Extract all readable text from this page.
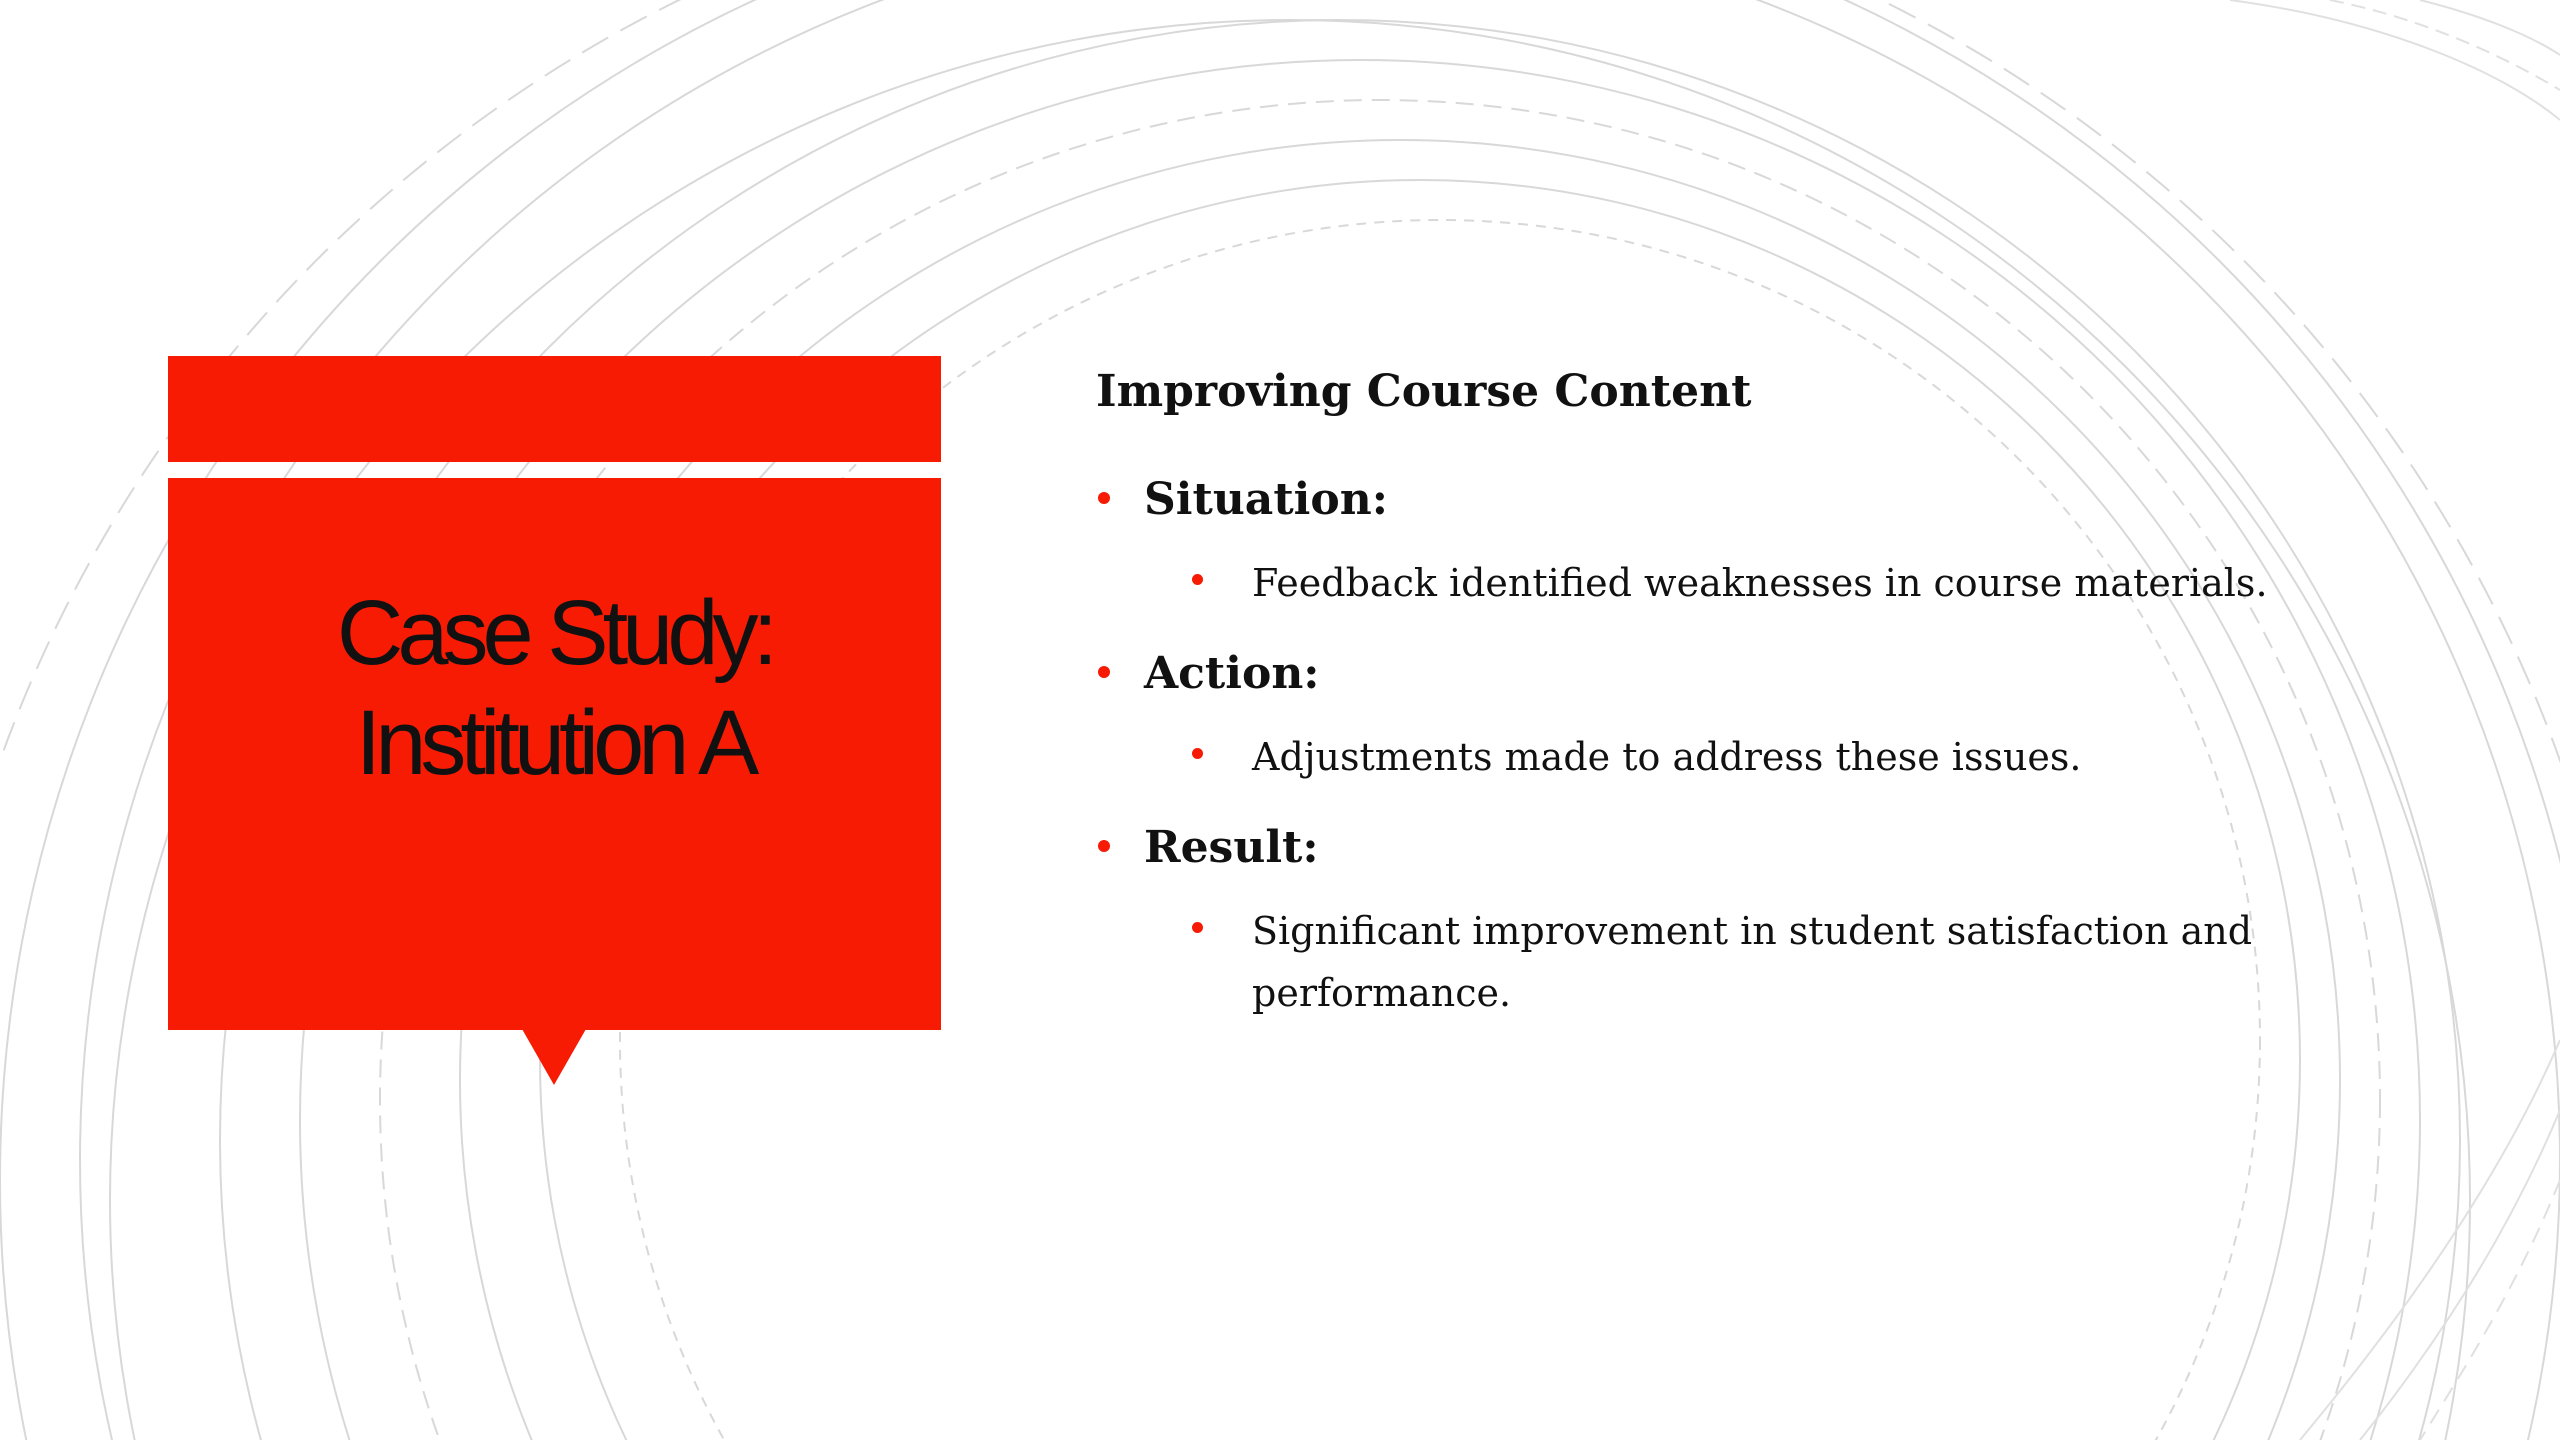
Case Study:
Institution A
Improving Course Content
Situation:
Feedback identified weaknesses in course materials.
Action:
Adjustments made to address these issues.
Result:
Significant improvement in student satisfaction and performance.
